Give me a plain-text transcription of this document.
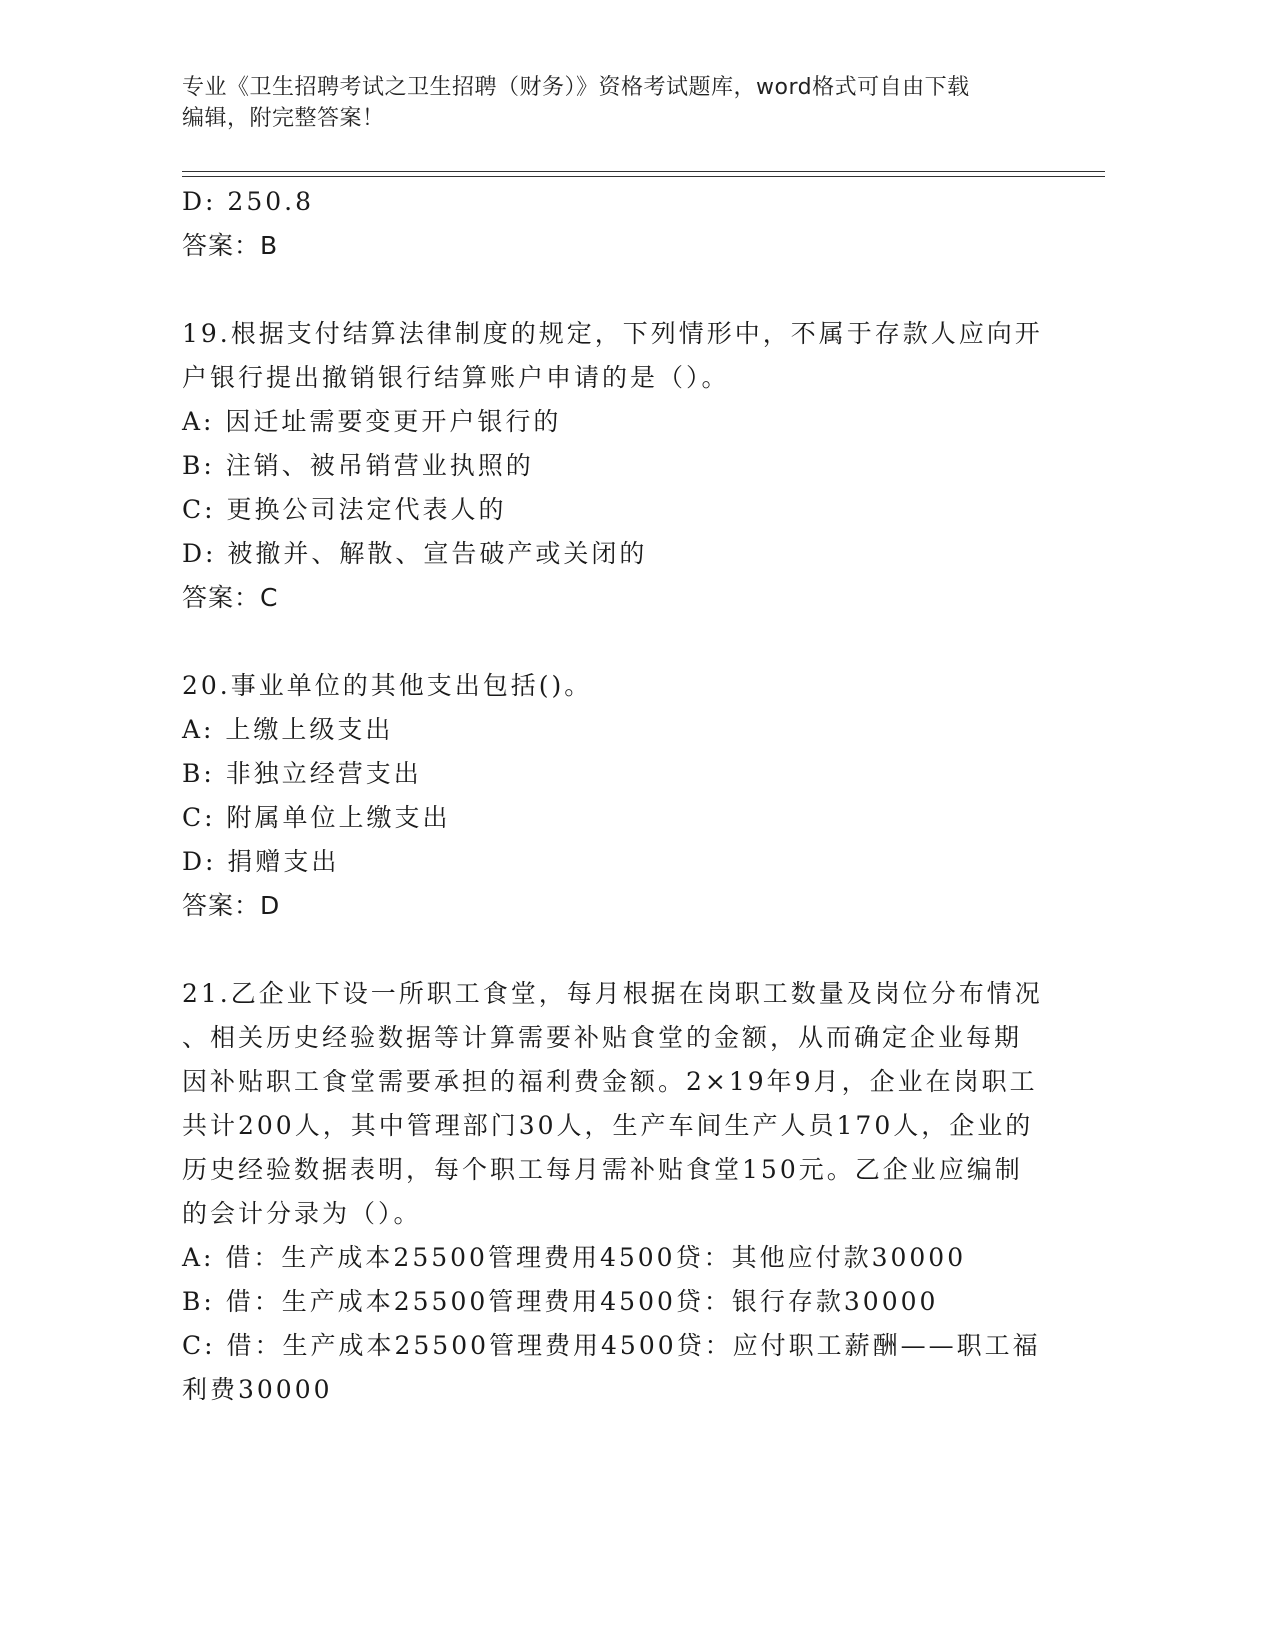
专业《卫生招聘考试之卫生招聘（财务）》资格考试题库，word格式可自由下载
编辑，附完整答案！

D: 250.8

答案：B

19.根据支付结算法律制度的规定，下列情形中，不属于存款人应向开

户银行提出撤销银行结算账户申请的是（）。

A: 因迁址需要变更开户银行的

B: 注销、被吊销营业执照的

C: 更换公司法定代表人的

D: 被撤并、解散、宣告破产或关闭的

答案：C

20.事业单位的其他支出包括()。

A: 上缴上级支出

B: 非独立经营支出

C: 附属单位上缴支出

D: 捐赠支出

答案：D

21.乙企业下设一所职工食堂，每月根据在岗职工数量及岗位分布情况

、相关历史经验数据等计算需要补贴食堂的金额，从而确定企业每期

因补贴职工食堂需要承担的福利费金额。2×19年9月，企业在岗职工

共计200人，其中管理部门30人，生产车间生产人员170人，企业的

历史经验数据表明，每个职工每月需补贴食堂150元。乙企业应编制

的会计分录为（）。

A: 借：生产成本25500管理费用4500贷：其他应付款30000

B: 借：生产成本25500管理费用4500贷：银行存款30000

C: 借：生产成本25500管理费用4500贷：应付职工薪酬——职工福

利费30000
